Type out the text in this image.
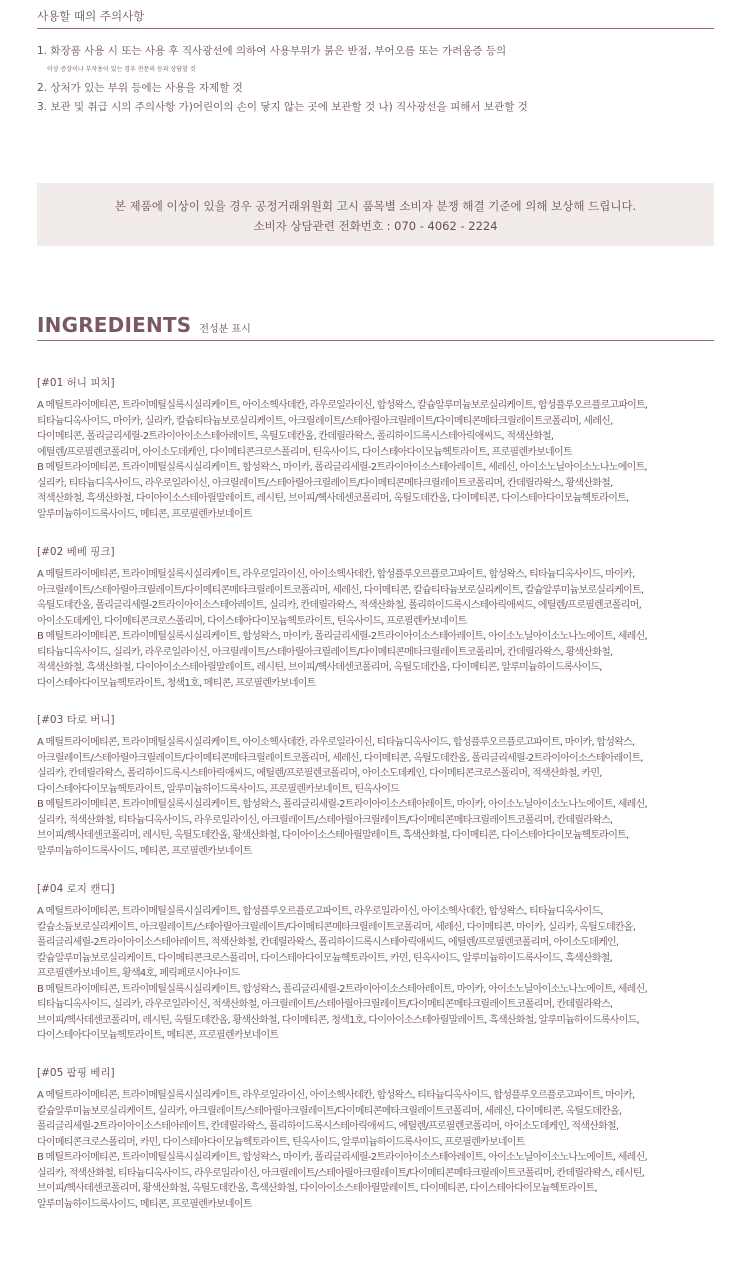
사용할 때의 주의사항
1. 화장품 사용 시 또는 사용 후 직사광선에 의하여 사용부위가 붉은 반점, 부어오름 또는 가려움증 등의
이상 증상이나 부작용이 있는 경우 전문의 등과 상담할 것
2. 상처가 있는 부위 등에는 사용을 자제할 것
3. 보관 및 취급 시의 주의사항 가)어린이의 손이 닿지 않는 곳에 보관할 것 나) 직사광선을 피해서 보관할 것
본 제품에 이상이 있을 경우 공정거래위원회 고시 품목별 소비자 분쟁 해결 기준에 의해 보상해 드립니다.
소비자 상담관련 전화번호 : 070 - 4062 - 2224
INGREDIENTS 전성분 표시
[#01 허니 피치]
A 메틸트라이메티콘, 트라이메틸실록시실리케이트, 아이소헥사데칸, 라우로일라이신, 합성왁스, 칼슘알루미늄보로실리케이트, 합성플루오르플로고파이트,
티타늄디옥사이드, 마이카, 실리카, 칼슘티타늄보로실리케이트, 아크릴레이트/스테아릴아크릴레이트/다이메티콘메타크릴레이트코폴리머, 세레신,
다이메티콘, 폴리글리세릴-2트라이아이소스테아레이트, 옥틸도데칸올, 칸데릴라왁스, 폴리하이드록시스테아릭애씨드, 적색산화철,
에틸렌/프로필렌코폴리머, 아이소도데케인, 다이메티콘크로스폴리머, 틴옥사이드, 다이스테아다이모늄헥토라이트, 프로필렌카보네이트
B 메틸트라이메티콘, 트라이메틸실록시실리케이트, 합성왁스, 마이카, 폴리글리세릴-2트라이아이소스테아레이트, 세레신, 아이소노닐아이소노나노에이트,
실리카, 티타늄디옥사이드, 라우로일라이신, 아크릴레이트/스테아릴아크릴레이트/다이메티콘메타크릴레이트코폴리머, 칸데릴라왁스, 황색산화철,
적색산화철, 흑색산화철, 다이아이소스테아릴말레이트, 레시틴, 브이피/헥사데센코폴리머, 옥틸도데칸올, 다이메티콘, 다이스테아다이모늄헥토라이트,
알루미늄하이드록사이드, 메티콘, 프로필렌카보네이트
[#02 베베 핑크]
A 메틸트라이메티콘, 트라이메틸실록시실리케이트, 라우로일라이신, 아이소헥사데칸, 합성플루오르플로고파이트, 합성왁스, 티타늄디옥사이드, 마이카,
아크릴레이트/스테아릴아크릴레이트/다이메티콘메타크릴레이트코폴리머, 세레신, 다이메티콘, 칼슘티타늄보로실리케이트, 칼슘알루미늄보로실리케이트,
옥틸도데칸올, 폴리글리세릴-2트라이아이소스테아레이트, 실리카, 칸데릴라왁스, 적색산화철, 폴리하이드록시스테아릭애씨드, 에틸렌/프로필렌코폴리머,
아이소도데케인, 다이메티콘크로스폴리머, 다이스테아다이모늄헥토라이트, 틴옥사이드, 프로필렌카보네이트
B 메틸트라이메티콘, 트라이메틸실록시실리케이트, 합성왁스, 마이카, 폴리글리세릴-2트라이아이소스테아레이트, 아이소노닐아이소노나노에이트, 세레신,
티타늄디옥사이드, 실리카, 라우로일라이신, 아크릴레이트/스테아릴아크릴레이트/다이메티콘메타크릴레이트코폴리머, 칸데릴라왁스, 황색산화철,
적색산화철, 흑색산화철, 다이아이소스테아릴말레이트, 레시틴, 브이피/헥사데센코폴리머, 옥틸도데칸올, 다이메티콘, 알루미늄하이드록사이드,
다이스테아다이모늄헥토라이트, 청색1호, 메티콘, 프로필렌카보네이트
[#03 타로 버니]
A 메틸트라이메티콘, 트라이메틸실록시실리케이트, 아이소헥사데칸, 라우로일라이신, 티타늄디옥사이드, 합성플루오르플로고파이트, 마이카, 합성왁스,
아크릴레이트/스테아릴아크릴레이트/다이메티콘메타크릴레이트코폴리머, 세레신, 다이메티콘, 옥틸도데칸올, 폴리글리세릴-2트라이아이소스테아레이트,
실리카, 칸데릴라왁스, 폴리하이드록시스테아릭애씨드, 에틸렌/프로필렌코폴리머, 아이소도데케인, 다이메티콘크로스폴리머, 적색산화철, 카민,
다이스테아다이모늄헥토라이트, 알루미늄하이드록사이드, 프로필렌카보네이트, 틴옥사이드
B 메틸트라이메티콘, 트라이메틸실록시실리케이트, 합성왁스, 폴리글리세릴-2트라이아이소스테아레이트, 마이카, 아이소노닐아이소노나노에이트, 세레신,
실리카, 적색산화철, 티타늄디옥사이드, 라우로일라이신, 아크릴레이트/스테아릴아크릴레이트/다이메티콘메타크릴레이트코폴리머, 칸데릴라왁스,
브이피/헥사데센코폴리머, 레시틴, 옥틸도데칸올, 황색산화철, 다이아이소스테아릴말레이트, 흑색산화철, 다이메티콘, 다이스테아다이모늄헥토라이트,
알루미늄하이드록사이드, 메티콘, 프로필렌카보네이트
[#04 로지 캔디]
A 메틸트라이메티콘, 트라이메틸실록시실리케이트, 합성플루오르플로고파이트, 라우로일라이신, 아이소헥사데칸, 합성왁스, 티타늄디옥사이드,
칼슘소듐보로실리케이트, 아크릴레이트/스테아릴아크릴레이트/다이메티콘메타크릴레이트코폴리머, 세레신, 다이메티콘, 마이카, 실리카, 옥틸도데칸올,
폴리글리세릴-2트라이아이소스테아레이트, 적색산화철, 칸데릴라왁스, 폴리하이드록시스테아릭애씨드, 에틸렌/프로필렌코폴리머, 아이소도데케인,
칼슘알루미늄보로실리케이트, 다이메티콘크로스폴리머, 다이스테아다이모늄헥토라이트, 카민, 틴옥사이드, 알루미늄하이드록사이드, 흑색산화철,
프로필렌카보네이트, 황색4호, 페릭페로시아나이드
B 메틸트라이메티콘, 트라이메틸실록시실리케이트, 합성왁스, 폴리글리세릴-2트라이아이소스테아레이트, 마이카, 아이소노닐아이소노나노에이트, 세레신,
티타늄디옥사이드, 실리카, 라우로일라이신, 적색산화철, 아크릴레이트/스테아릴아크릴레이트/다이메티콘메타크릴레이트코폴리머, 칸데릴라왁스,
브이피/헥사데센코폴리머, 레시틴, 옥틸도데칸올, 황색산화철, 다이메티콘, 청색1호, 다이아이소스테아릴말레이트, 흑색산화철, 알루미늄하이드록사이드,
다이스테아다이모늄헥토라이트, 메티콘, 프로필렌카보네이트
[#05 팝핑 베리]
A 메틸트라이메티콘, 트라이메틸실록시실리케이트, 라우로일라이신, 아이소헥사데칸, 합성왁스, 티타늄디옥사이드, 합성플루오르플로고파이트, 마이카,
칼슘알루미늄보로실리케이트, 실리카, 아크릴레이트/스테아릴아크릴레이트/다이메티콘메타크릴레이트코폴리머, 세레신, 다이메티콘, 옥틸도데칸올,
폴리글리세릴-2트라이아이소스테아레이트, 칸데릴라왁스, 폴리하이드록시스테아릭애씨드, 에틸렌/프로필렌코폴리머, 아이소도데케인, 적색산화철,
다이메티콘크로스폴리머, 카민, 다이스테아다이모늄헥토라이트, 틴옥사이드, 알루미늄하이드록사이드, 프로필렌카보네이트
B 메틸트라이메티콘, 트라이메틸실록시실리케이트, 합성왁스, 마이카, 폴리글리세릴-2트라이아이소스테아레이트, 아이소노닐아이소노나노에이트, 세레신,
실리카, 적색산화철, 티타늄디옥사이드, 라우로일라이신, 아크릴레이트/스테아릴아크릴레이트/다이메티콘메타크릴레이트코폴리머, 칸데릴라왁스, 레시틴,
브이피/헥사데센코폴리머, 황색산화철, 옥틸도데칸올, 흑색산화철, 다이아이소스테아릴말레이트, 다이메티콘, 다이스테아다이모늄헥토라이트,
알루미늄하이드록사이드, 메티콘, 프로필렌카보네이트
